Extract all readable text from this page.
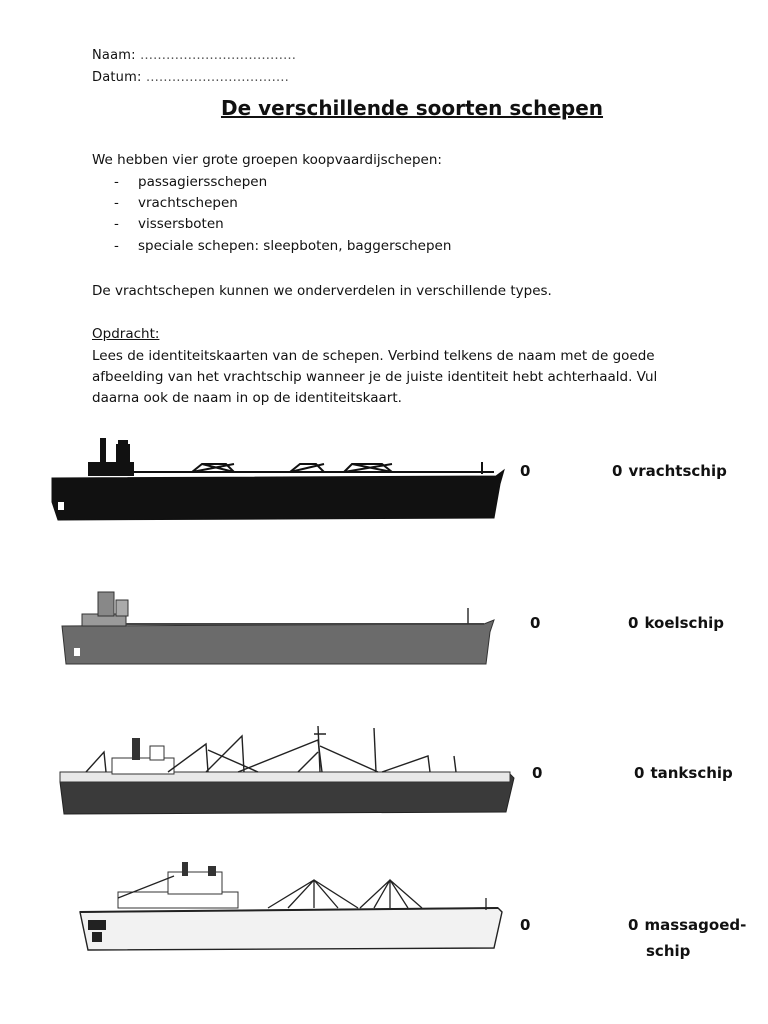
Naam: ………………………………
Datum: ……………………………
De verschillende soorten schepen
We hebben vier grote groepen koopvaardijschepen:
- passagiersschepen
- vrachtschepen
- vissersboten
- speciale schepen: sleepboten, baggerschepen
De vrachtschepen kunnen we onderverdelen in verschillende types.
Opdracht:
Lees de identiteitskaarten van de schepen. Verbind telkens de naam met de goede
afbeelding van het vrachtschip wanneer je de juiste identiteit hebt achterhaald. Vul
daarna ook de naam in op de identiteitskaart.
0	0 vrachtschip
0	0 koelschip
0	0 tankschip
0	0 massagoed-
schip
